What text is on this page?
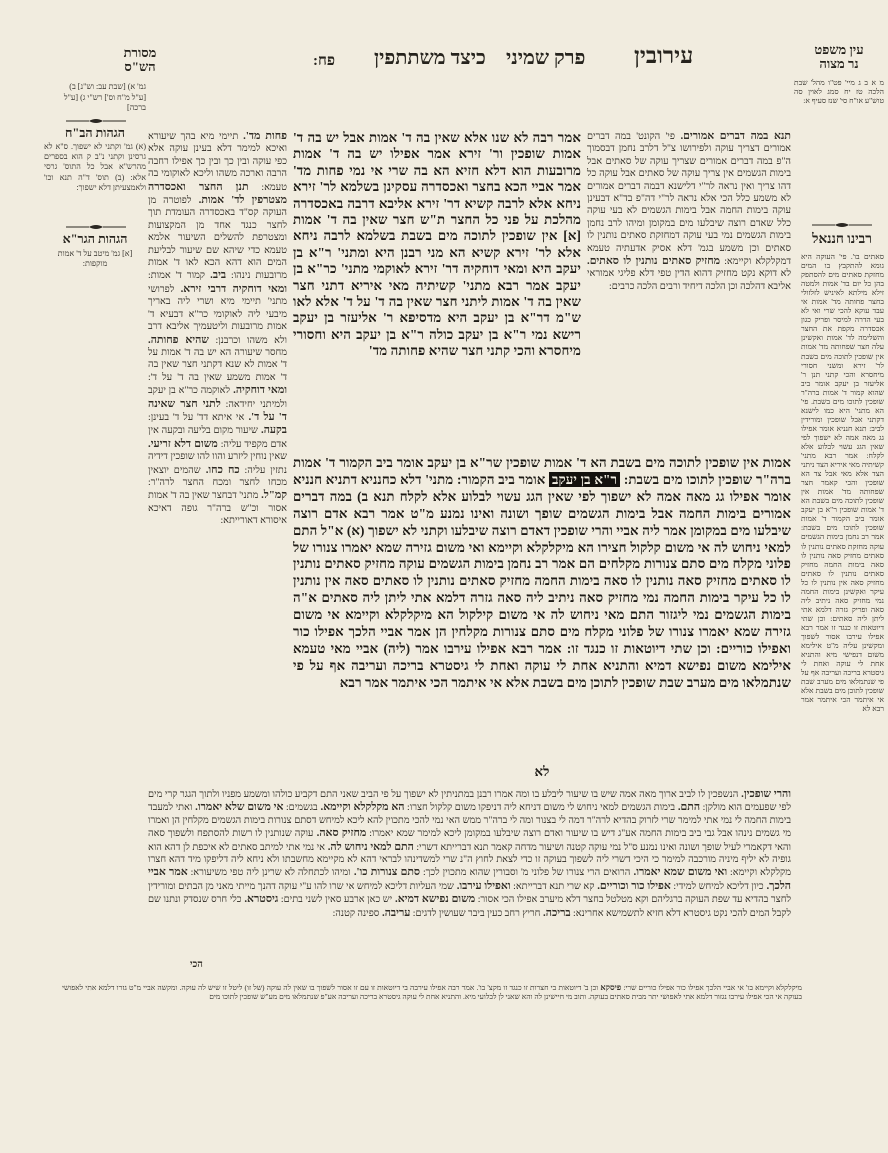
מסורת
הש"ס	פח: כיצד משתתפין פרק שמיני עירובין	עין משפט
נר מצוה
מ א ב ג מיי' פט"ו מהל' שבת הלכה טז יח סמג לאוין סה טוש"ע או"ח סי' שנז סעיף א:
גמ' א) [שבת עב: וש"נ] ב) [ע"ל מ"ח וס'] רש"י ג) [ע"ל ברכה]
הגהות הב"ח
(א) גמ' וקתני לא ישפוך. ס"א לא גרסינן וקתני נ"ב ק הוא בספרים מהרש"א אבל כל התוס' גרסי אלא: (ב) תוס' ד"ה תנא וכו' ולאמצעיתן דלא ישפוך:
הגהות הגר"א
[א] גמ' מיטב על ד' אמות מוקפות:
רבינו חננאל
סאתים בו'. פי' העוקה היא גומא להתקבץ בו המים מחזקת סאתים מים להסתפק בהן כל יום בד' אמות ולמטה זילא מילתא לאיניש לזלזולי בחצר פחותה מד' אמות אי עבד עוקא להכי שרי ואי לא בעי הדרה למיסר ופריק כגון אכסדרה מקפת את החצר והשלימה לד' אמות ואקשינן עלה חצר שפחותה מד' אמות אין שופכין לתוכה מים בשבת לר' זירא ומשני חסורי מיחסרא והכי קתני תנן ר' אליעזר בן יעקב אומר ביב שהוא קמור ד' אמות ברה"ר שופכין לתוכו מים בשבת. פי' הא מתני' היא כמו לישנא דקתני אבל שופכין ומורידין לביב: תנא חנניא אומר אפילו גג מאה אמה לא ישפוך לפי שאין הגג עשוי לבלוע אלא לקלח: אמר רבא מתני' קשיתיה מאי איריא הצד ניתני הצד אלא מאי אבל צד הא שופכין והכי קאמר חצר שפחותה מד' אמות אין שופכין לתוכה מים בשבת הא ד' אמות שופכין ר"א בן יעקב אומר ביב הקמור ד' אמות שופכין לתוכו מים בשבת: אמר רב נחמן בימות הגשמים עוקה מחזקת סאתים נותנין לו סאתים מחזיק סאה נותנין לו סאה בימות החמה מחזיק סאתים נותנין לו סאתים מחזיק סאה אין נותנין לו כל עיקר ואקשינן בימות החמה נמי מחזיק סאה ניתיב ליה סאה ופריק גזרה דלמא אתי ליתן ליה סאתים: וכן שתי דיוטאות זו כנגד זו אמר רבא אפילו עירבו אסור לשפוך ומקשינן עליה מ"ט אילימא משום דנפישי מיא והתניא אחת לי עוקה ואחת לי גיסטרא בריכה ועריבה אף על פי שנתמלאו מים מערב שבת שופכין לתוכן מים בשבת אלא אי איתמר הכי איתמר אמר רבא לא
פחות מד'. תיימי מיא בהך שיעורא ואיכא למימר דלא בעינן עוקה אלא כפי עוקה ובין כך ובין כך אפילו רחבה הרבה וארכה משהו וליכא לאוקומי בה טעמא: תנן החצר ואכסדרה מצטרפין לד' אמות. לפוטרה מן העוקה קס"ד באכסדרה העומדת תוך לחצר כנגד אחד מן המקצועות ומצטרפת להשלים השיעור אלמא טעמא כדי שיהא שם שיעור לבליעת המים הוא דהא הכא לאו ד' אמות מרובעות נינהו: ביב. קמור ד' אמות: ומאי דוחקיה דרבי זירא. לפרושי מתני' תיימי מיא ושרי ליה באריך מיבעי ליה לאוקומי כר"א דבעיא ד' אמות מרובעות וליטעמיך אליבא דרב ולא משהו וכרבנן: שהיא פחותה. מחסר שיעורה הא יש בה ד' אמות על ד' אמות לא שנא דקתני חצר שאין בה ד' אמות משמע שאין בה ד' על ד': ומאי דוחקיה. לאוקמה כר"א בן יעקב ולמיתני יחידאה: לתני חצר שאינה ד' על ד'. אי איתא דד' על ד' בעינן: בקעה. שיעור מקום בליעה ובקעה אין אדם מקפיד עליה: משום דלא זריעי. שאין נוחין ליזרע והוו להו שופכין דידיה נתזין עליה: כח כחו. שהמים יוצאין מכחו לחצר ומכח החצר לרה"ר: קמ"ל. מתני' דבחצר שאין בה ד' אמות אסור וכ"ש ברה"ר גופה דאיכא איסורא דאורייתא:
אמר רבה לא שנו אלא שאין בה ד' אמות אבל יש בה ד' אמות שופכין ור' זירא אמר אפילו יש בה ד' אמות מרובעות הוא דלא חזיא הא בה שרי אי נמי פחות מד' אמר אביי הכא בחצר ואכסדרה עסקינן בשלמא לר' זירא ניחא אלא לרבה קשיא דר' זירא אליבא דרבה באכסדרה מהלכת על פני כל החצר ת"ש חצר שאין בה ד' אמות [א] אין שופכין לתוכה מים בשבת בשלמא לרבה ניחא אלא לר' זירא קשיא הא מני רבנן היא ומתני' ר"א בן יעקב היא ומאי דוחקיה דר' זירא לאוקמי מתני' כר"א בן יעקב אמר רבא מתני' קשיתיה מאי איריא דתני חצר שאין בה ד' אמות ליתני חצר שאין בה ד' על ד' אלא לאו ש"מ דר"א בן יעקב היא מדסיפא ר' אליעזר בן יעקב רישא נמי ר"א בן יעקב כולה ר"א בן יעקב היא וחסורי מיחסרא והכי קתני חצר שהיא פחותה מד'
תנא במה דברים אמורים. פי' הקונט' במה דברים אמורים דצריך עוקה ולפירושו צ"ל דלרב נחמן דבסמוך ה"פ במה דברים אמורים שצריך עוקה של סאתים אבל בימות הגשמים אין צריך עוקה של סאתים אבל עוקה כל דהו צריך ואין נראה לר"י דלישנא דבמה דברים אמורים לא משמע כלל הכי אלא נראה לר"י דה"פ בד"א דבעינן עוקה בימות החמה אבל בימות הגשמים לא בעי עוקה כלל שאדם רוצה שיבלעו מים במקומן ומיהו לרב נחמן בימות הגשמים נמי בעי עוקה דמחזקת סאתים נותנין לו סאתים וכן משמע בגמ' דלא אסיק אדעתיה טעמא דמקלקלא וקיימא: מחזיק סאתים נותנין לו סאתים. לא דוקא נקט מחזיק דהוא הדין טפי דלא פליגי אמוראי אליבא דהלכה וכן הלכה דיחיד ורבים הלכה כרבים:
אמות אין שופכין לתוכה מים בשבת הא ד' אמות שופכין שר"א בן יעקב אומר ביב הקמור ד' אמות ברה"ר שופכין לתוכו מים בשבת: ר"א בן יעקב אומר ביב הקמור: מתני' דלא כחנניא דתניא חנניא אומר אפילו גג מאה אמה לא ישפוך לפי שאין הגג עשוי לבלוע אלא לקלח תנא ב) במה דברים אמורים בימות החמה אבל בימות הגשמים שופך ושונה ואינו נמנע מ"ט אמר רבא אדם רוצה שיבלעו מים במקומן אמר ליה אביי והרי שופכין דאדם רוצה שיבלעו וקתני לא ישפוך (א) א"ל התם למאי ניחוש לה אי משום קלקול חצירו הא מיקלקלא וקיימא ואי משום גזירה שמא יאמרו צנורו של פלוני מקלח מים סתם צנורות מקלחים הם אמר רב נחמן בימות הגשמים עוקה מחזיק סאתים נותנין לו סאתים מחזיק סאה נותנין לו סאה בימות החמה מחזיק סאתים נותנין לו סאתים סאה אין נותנין לו כל עיקר בימות החמה נמי מחזיק סאה ניתיב ליה סאה גזרה דלמא אתי ליתן ליה סאתים א"ה בימות הגשמים נמי ליגזור התם מאי ניחוש לה אי משום קילקול הא מיקלקלא וקיימא אי משום גזירה שמא יאמרו צנורו של פלוני מקלח מים סתם צנורות מקלחין הן אמר אביי הלכך אפילו כור ואפילו כוריים: וכן שתי דיוטאות זו כנגד זו: אמר רבא אפילו עירבו אמר (ליה) אביי מאי טעמא אילימא משום נפישא דמיא והתניא אחת לי עוקה ואחת לי גיסטרא בריכה ועריבה אף על פי שנתמלאו מים מערב שבת שופכין לתוכן מים בשבת אלא אי איתמר הכי איתמר אמר רבא
לא
והרי שופכין. הנשפכין לו לביב ארוך מאה אמה שיש בו שיעור ליבלע בו ומה אמרו רבנן במתניתין לא ישפוך על פי הביב שאני התם דקביע כולהו ומשמע מפניו ולתוך הגגר קרי מים לפי שפעמים הוא מולקן: התם. בימות הגשמים למאי ניחוש לי משום דניחא ליה דניפקו משום קלקול חצרו: הא מקלקלא וקיימא. בגשמים: אי משום שלא יאמרו. ואתי למעבד בימות החמה לי נמי אתי למימר שרי לזרוק בהדיא לרה"ר דמה לי בצנור ומה לי ברה"ר ממש האי נמי להכי מתכוין להא ליכא למיחש דסתם צנורות בימות הגשמים מקלחין הן ואמרו מי גשמים נינהו אבל גבי ביב בימות החמה אע"ג דיש בו שיעור ואדם רוצה שיבלעו במקומן ליכא למימר שמא יאמרו: מחזיק סאה. עוקה שנותנין לו רשות להסתפח ולשפוך סאה והאי דקאמרי לעיל שופך ושונה ואינו נמנע ס"ל נמי עוקה קטנה ושיעור מדחה קאמר תנא דברייתא דשרי: התם למאי ניחוש לה. אי נמי אתי למיתב סאתים לא איכפת לן דהא הוא גופיה לא יליף מיניה מורכבה למימר כי היכי דשרי ליה לשפוך בעוקה זו כדי לצאת לחוץ ה"נ שרי למשדינהו לבראי דהא לא מקיימא מחשבתו ולא ניחא ליה דליפקו מיד דהא חצרו מקלקלא וקיימא: ואי משום שמא יאמרו. הרואים הרי צנורו של פלוני מ' וסבורין שהוא מתכוין לכך: סתם צנורות כו'. ומיהו לכתחלה לא שרינן ליה טפי משיעורא: אמר אביי הלכך. כיון דליכא למיחש למידי: אפילו כור וכוריים. קא שרי תנא דברייתא: ואפילו עירבו. שמי העליות דליכא למיחש אי שרו להו ע"י עוקה דהנך מייתי מאני מן הבתים ומורידין לחצר בהדיא עד שפת העוקה ברגליהם וקא מטלטל בחצר דלא מיערב אפילו הכי אסור: משום נפישא דמיא. יש כאן ארבע סאין לשני בתים: גיסטרא. כלי חרס שנסדק ונתנו שם לקבל המים להכי נקט גיסטרא דלא חזיא לתשמישא אחרינא: בריכה. חריץ רחב כעין ביבר שעושין לדגים: עריבה. ספינה קטנה:
הכי
מיקלקלא וקיימא בו' אי אביי הלכך אפילו כור אפילו כוריים שרי: פיסקא וכן ב' דיוטאות בי חצרות זו כנגד זו מקצ' בו'. אמר רבה אפילו עירבה בי דיוטאות זו עם זו אסור לשפוך בו שאין לה עוקה (של זו) ליטל זו שיש לה עוקה. ומקשה אביי מ"ט גזרו דלמא אתי לאפושי בעוקה אי הכי אפילו עירבו נגזור דלמא אתי לאפושי יתר מבית סאתים בעוקה. ותוב מי חיישינן לה והא שאני לן לבלועי מיא. והתניא אחת לי עוקה גיסטרא בריכה ועריבה אע"פ שנתמלאו מים מע"ש שופכין לתוכו מים
